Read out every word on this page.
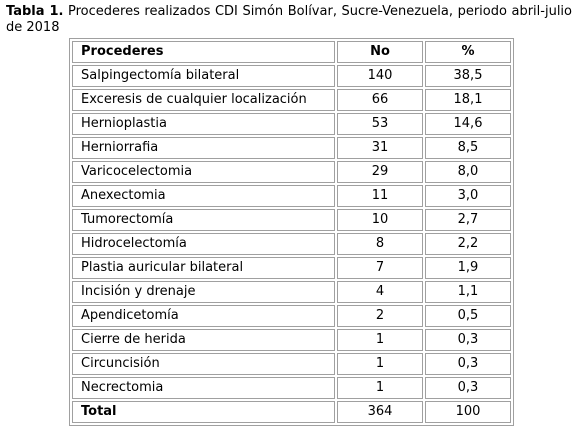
Tabla 1. Procederes realizados CDI Simón Bolívar, Sucre-Venezuela, periodo abril-julio de 2018
Procederes	No	%
Salpingectomía bilateral	140	38,5
Exceresis de cualquier localización	66	18,1
Hernioplastia	53	14,6
Herniorrafia	31	8,5
Varicocelectomia	29	8,0
Anexectomia	11	3,0
Tumorectomía	10	2,7
Hidrocelectomía	8	2,2
Plastia auricular bilateral	7	1,9
Incisión y drenaje	4	1,1
Apendicetomía	2	0,5
Cierre de herida	1	0,3
Circuncisión	1	0,3
Necrectomia	1	0,3
Total	364	100
